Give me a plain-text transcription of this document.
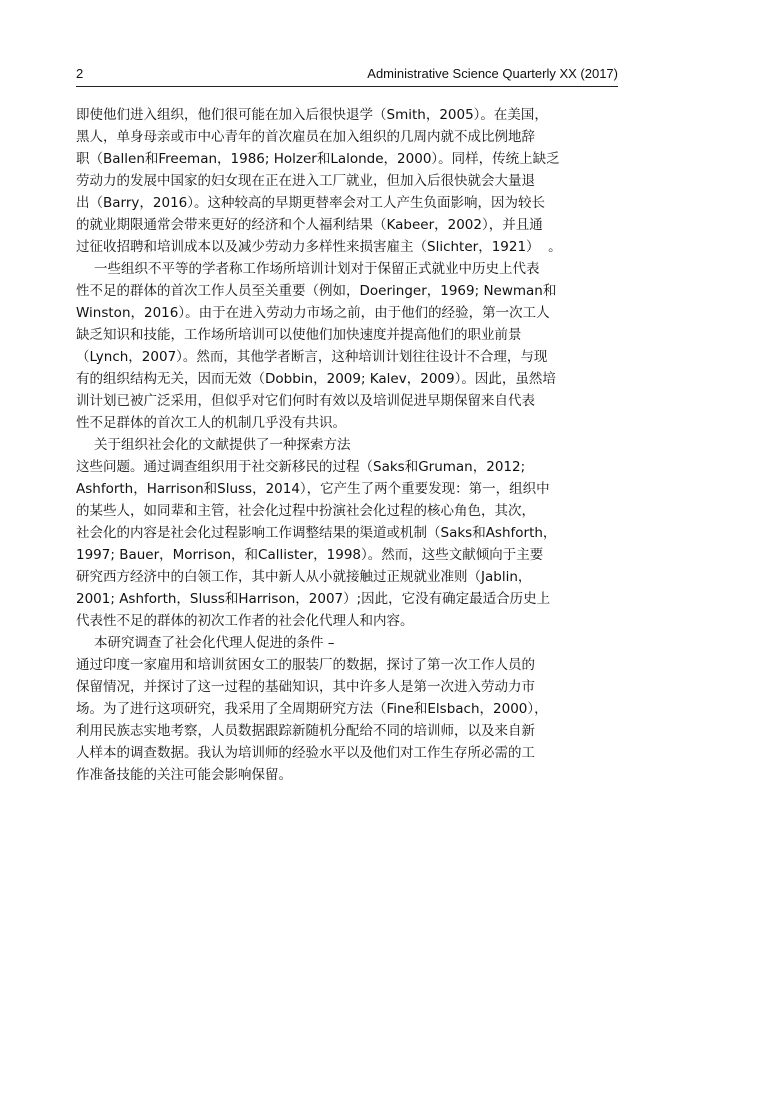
2	Administrative Science Quarterly XX (2017)
即使他们进入组织，他们很可能在加入后很快退学（Smith，2005）。在美国，
黑人，单身母亲或市中心青年的首次雇员在加入组织的几周内就不成比例地辞
职（Ballen和Freeman，1986; Holzer和Lalonde，2000）。同样，传统上缺乏
劳动力的发展中国家的妇女现在正在进入工厂就业，但加入后很快就会大量退
出（Barry，2016）。这种较高的早期更替率会对工人产生负面影响，因为较长
的就业期限通常会带来更好的经济和个人福利结果（Kabeer，2002），并且通
过征收招聘和培训成本以及减少劳动力多样性来损害雇主（Slichter，1921）  。
一些组织不平等的学者称工作场所培训计划对于保留正式就业中历史上代表
性不足的群体的首次工作人员至关重要（例如，Doeringer，1969; Newman和
Winston，2016）。由于在进入劳动力市场之前，由于他们的经验，第一次工人
缺乏知识和技能，工作场所培训可以使他们加快速度并提高他们的职业前景
（Lynch，2007）。然而，其他学者断言，这种培训计划往往设计不合理，与现
有的组织结构无关，因而无效（Dobbin，2009; Kalev，2009）。因此，虽然培
训计划已被广泛采用，但似乎对它们何时有效以及培训促进早期保留来自代表
性不足群体的首次工人的机制几乎没有共识。
关于组织社会化的文献提供了一种探索方法
这些问题。通过调查组织用于社交新移民的过程（Saks和Gruman，2012;
Ashforth，Harrison和Sluss，2014），它产生了两个重要发现：第一，组织中
的某些人，如同辈和主管，社会化过程中扮演社会化过程的核心角色，其次，
社会化的内容是社会化过程影响工作调整结果的渠道或机制（Saks和Ashforth，
1997; Bauer，Morrison，和Callister，1998）。然而，这些文献倾向于主要
研究西方经济中的白领工作，其中新人从小就接触过正规就业准则（Jablin，
2001; Ashforth，Sluss和Harrison，2007）;因此，它没有确定最适合历史上
代表性不足的群体的初次工作者的社会化代理人和内容。
本研究调查了社会化代理人促进的条件 –
通过印度一家雇用和培训贫困女工的服装厂的数据，探讨了第一次工作人员的
保留情况，并探讨了这一过程的基础知识，其中许多人是第一次进入劳动力市
场。为了进行这项研究，我采用了全周期研究方法（Fine和Elsbach，2000），
利用民族志实地考察，人员数据跟踪新随机分配给不同的培训师，以及来自新
人样本的调查数据。我认为培训师的经验水平以及他们对工作生存所必需的工
作准备技能的关注可能会影响保留。
